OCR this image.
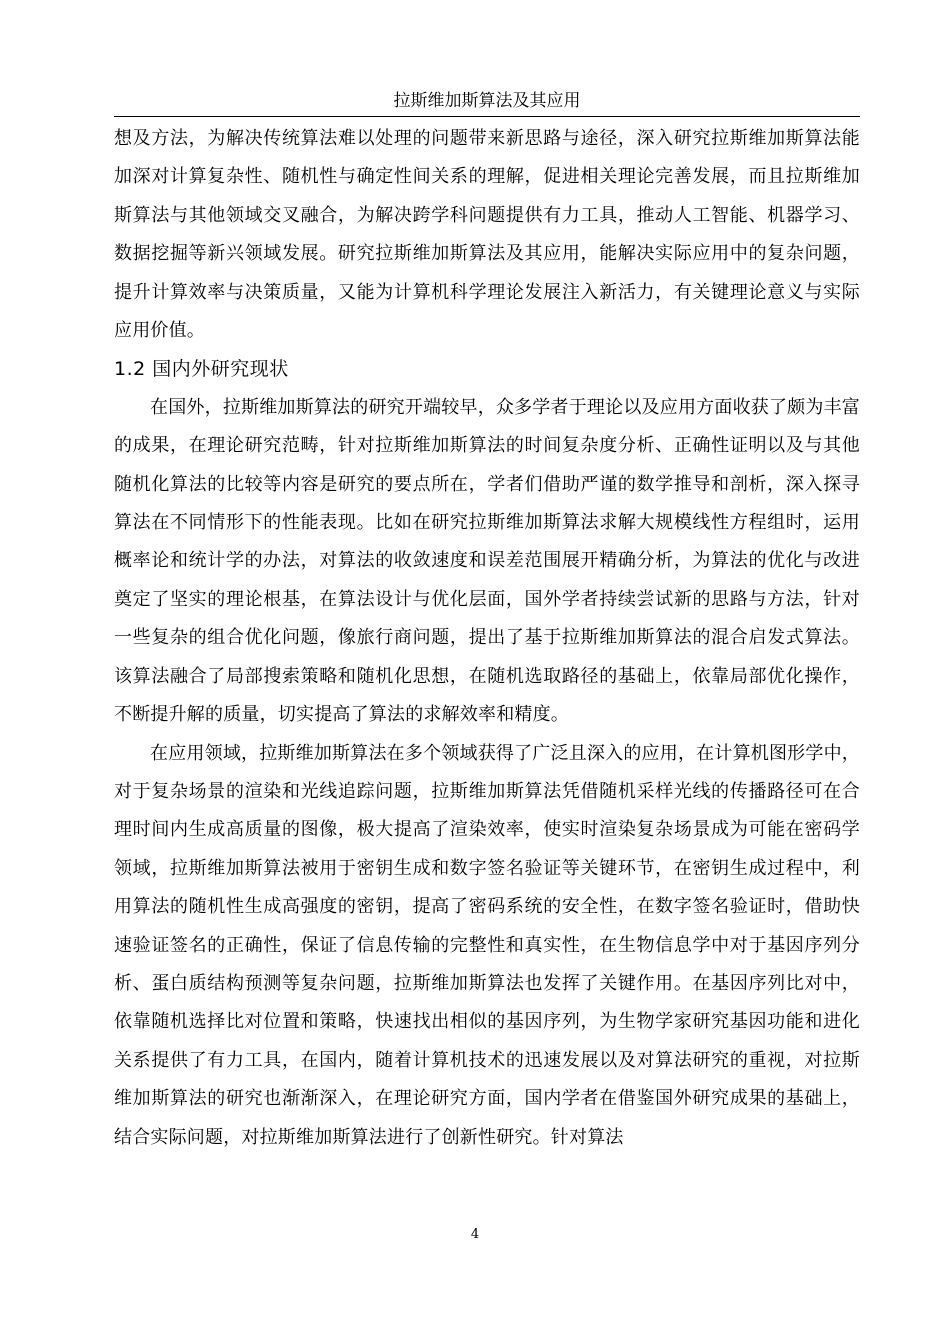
拉斯维加斯算法及其应用

想及方法，为解决传统算法难以处理的问题带来新思路与途径，深入研究拉斯维加斯算法能加深对计算复杂性、随机性与确定性间关系的理解，促进相关理论完善发展，而且拉斯维加斯算法与其他领域交叉融合，为解决跨学科问题提供有力工具，推动人工智能、机器学习、数据挖掘等新兴领域发展。研究拉斯维加斯算法及其应用，能解决实际应用中的复杂问题，提升计算效率与决策质量，又能为计算机科学理论发展注入新活力，有关键理论意义与实际应用价值。

1.2 国内外研究现状

在国外，拉斯维加斯算法的研究开端较早，众多学者于理论以及应用方面收获了颇为丰富的成果，在理论研究范畴，针对拉斯维加斯算法的时间复杂度分析、正确性证明以及与其他随机化算法的比较等内容是研究的要点所在，学者们借助严谨的数学推导和剖析，深入探寻算法在不同情形下的性能表现。比如在研究拉斯维加斯算法求解大规模线性方程组时，运用概率论和统计学的办法，对算法的收敛速度和误差范围展开精确分析，为算法的优化与改进奠定了坚实的理论根基，在算法设计与优化层面，国外学者持续尝试新的思路与方法，针对一些复杂的组合优化问题，像旅行商问题，提出了基于拉斯维加斯算法的混合启发式算法。该算法融合了局部搜索策略和随机化思想，在随机选取路径的基础上，依靠局部优化操作，不断提升解的质量，切实提高了算法的求解效率和精度。

在应用领域，拉斯维加斯算法在多个领域获得了广泛且深入的应用，在计算机图形学中，对于复杂场景的渲染和光线追踪问题，拉斯维加斯算法凭借随机采样光线的传播路径可在合理时间内生成高质量的图像，极大提高了渲染效率，使实时渲染复杂场景成为可能在密码学领域，拉斯维加斯算法被用于密钥生成和数字签名验证等关键环节，在密钥生成过程中，利用算法的随机性生成高强度的密钥，提高了密码系统的安全性，在数字签名验证时，借助快速验证签名的正确性，保证了信息传输的完整性和真实性，在生物信息学中对于基因序列分析、蛋白质结构预测等复杂问题，拉斯维加斯算法也发挥了关键作用。在基因序列比对中，依靠随机选择比对位置和策略，快速找出相似的基因序列，为生物学家研究基因功能和进化关系提供了有力工具，在国内，随着计算机技术的迅速发展以及对算法研究的重视，对拉斯维加斯算法的研究也渐渐深入，在理论研究方面，国内学者在借鉴国外研究成果的基础上，结合实际问题，对拉斯维加斯算法进行了创新性研究。针对算法

4
